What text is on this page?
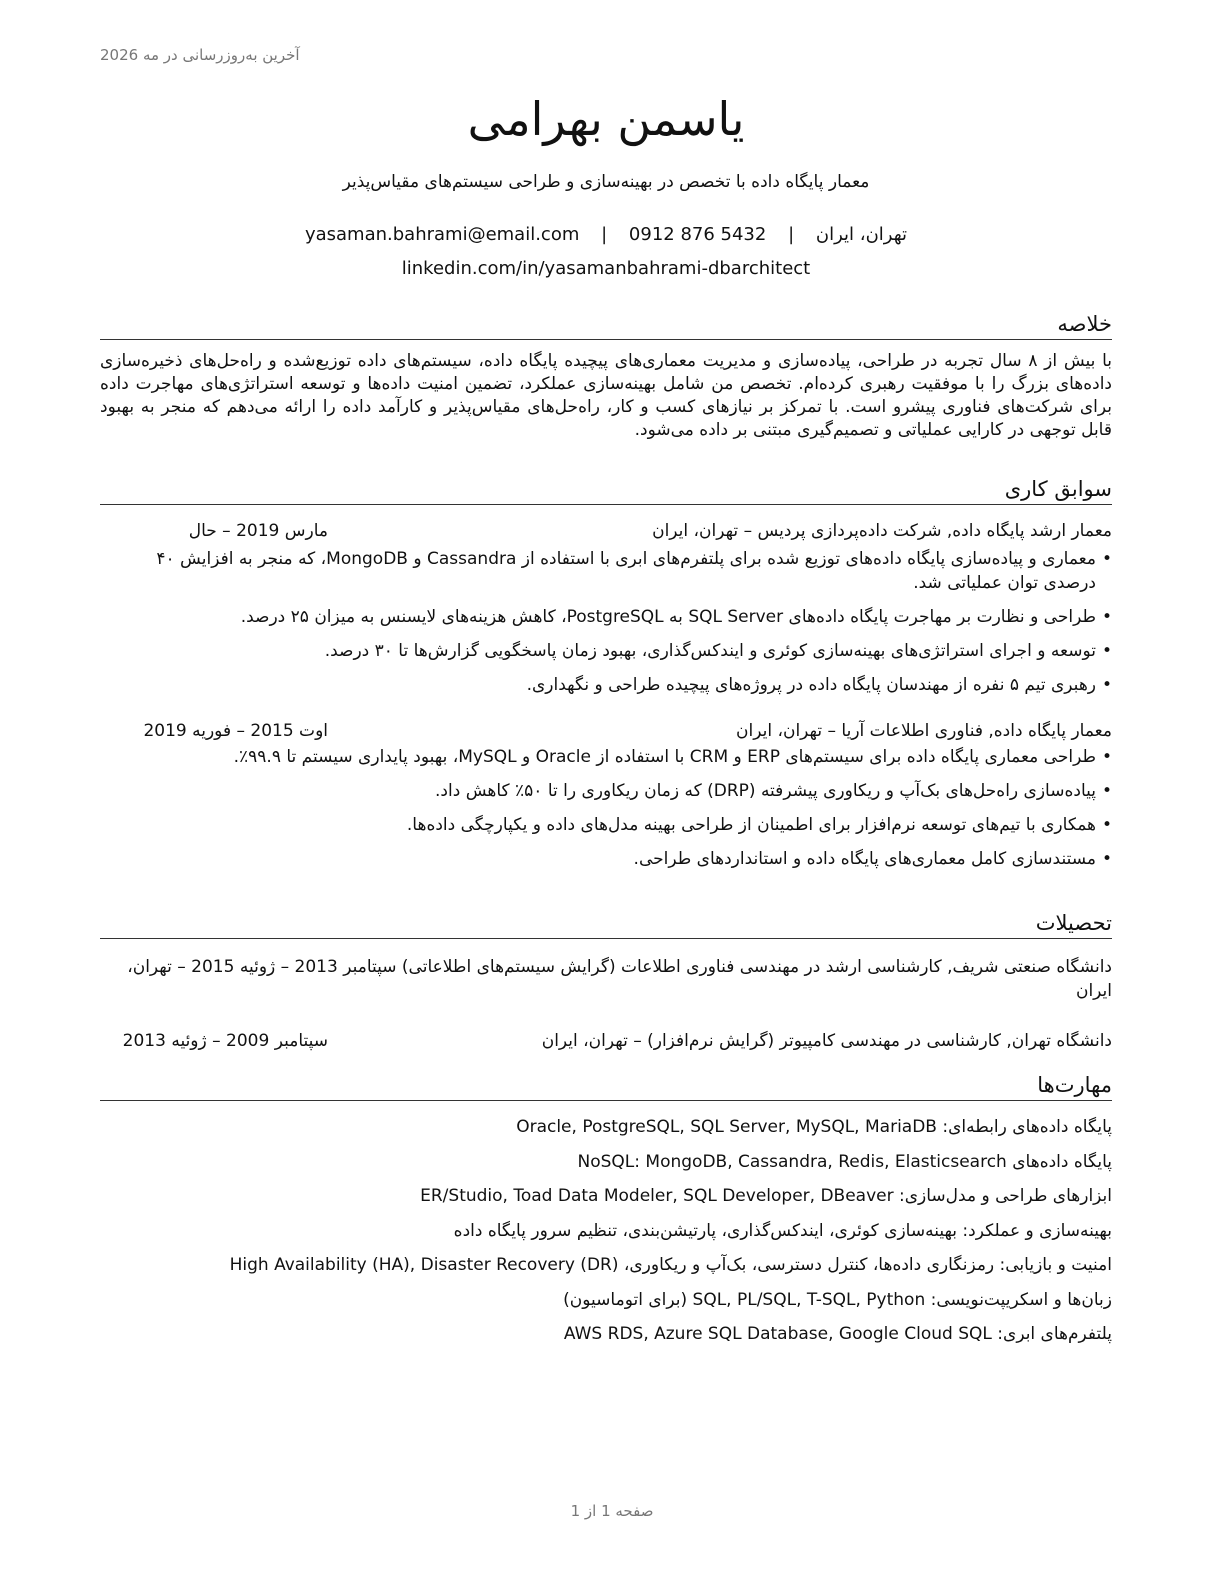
آخرین به‌روزرسانی در مه 2026
یاسمن بهرامی
معمار پایگاه داده با تخصص در بهینه‌سازی و طراحی سیستم‌های مقیاس‌پذیر
تهران، ایران | yasaman.bahrami@email.com | 0912 876 5432
linkedin.com/in/yasamanbahrami-dbarchitect
خلاصه
با بیش از ۸ سال تجربه در طراحی، پیاده‌سازی و مدیریت معماری‌های پیچیده پایگاه داده، سیستم‌های داده توزیع‌شده و راه‌حل‌های ذخیره‌سازی داده‌های بزرگ را با موفقیت رهبری کرده‌ام. تخصص من شامل بهینه‌سازی عملکرد، تضمین امنیت داده‌ها و توسعه استراتژی‌های مهاجرت داده برای شرکت‌های فناوری پیشرو است. با تمرکز بر نیازهای کسب و کار، راه‌حل‌های مقیاس‌پذیر و کارآمد داده را ارائه می‌دهم که منجر به بهبود قابل توجهی در کارایی عملیاتی و تصمیم‌گیری مبتنی بر داده می‌شود.
سوابق کاری
معمار ارشد پایگاه داده, شرکت داده‌پردازی پردیس – تهران، ایران
مارس 2019 – حال
• معماری و پیاده‌سازی پایگاه داده‌های توزیع شده برای پلتفرم‌های ابری با استفاده از Cassandra و MongoDB، که منجر به افزایش ۴۰ درصدی توان عملیاتی شد.
• طراحی و نظارت بر مهاجرت پایگاه داده‌های SQL Server به PostgreSQL، کاهش هزینه‌های لایسنس به میزان ۲۵ درصد.
• توسعه و اجرای استراتژی‌های بهینه‌سازی کوئری و ایندکس‌گذاری، بهبود زمان پاسخگویی گزارش‌ها تا ۳۰ درصد.
• رهبری تیم ۵ نفره از مهندسان پایگاه داده در پروژه‌های پیچیده طراحی و نگهداری.
معمار پایگاه داده, فناوری اطلاعات آریا – تهران، ایران
اوت 2015 – فوریه 2019
• طراحی معماری پایگاه داده برای سیستم‌های ERP و CRM با استفاده از Oracle و MySQL، بهبود پایداری سیستم تا ۹۹.۹٪.
• پیاده‌سازی راه‌حل‌های بک‌آپ و ریکاوری پیشرفته (DRP) که زمان ریکاوری را تا ۵۰٪ کاهش داد.
• همکاری با تیم‌های توسعه نرم‌افزار برای اطمینان از طراحی بهینه مدل‌های داده و یکپارچگی داده‌ها.
• مستندسازی کامل معماری‌های پایگاه داده و استانداردهای طراحی.
تحصیلات
دانشگاه صنعتی شریف, کارشناسی ارشد در مهندسی فناوری اطلاعات (گرایش سیستم‌های اطلاعاتی) سپتامبر 2013 – ژوئیه 2015 – تهران، ایران
دانشگاه تهران, کارشناسی در مهندسی کامپیوتر (گرایش نرم‌افزار) – تهران، ایران
سپتامبر 2009 – ژوئیه 2013
مهارت‌ها
پایگاه داده‌های رابطه‌ای: Oracle, PostgreSQL, SQL Server, MySQL, MariaDB
پایگاه داده‌های NoSQL: MongoDB, Cassandra, Redis, Elasticsearch
ابزارهای طراحی و مدل‌سازی: ER/Studio, Toad Data Modeler, SQL Developer, DBeaver
بهینه‌سازی و عملکرد: بهینه‌سازی کوئری، ایندکس‌گذاری، پارتیشن‌بندی، تنظیم سرور پایگاه داده
امنیت و بازیابی: رمزنگاری داده‌ها، کنترل دسترسی، بک‌آپ و ریکاوری، High Availability (HA), Disaster Recovery (DR)
زبان‌ها و اسکریپت‌نویسی: SQL, PL/SQL, T-SQL, Python (برای اتوماسیون)
پلتفرم‌های ابری: AWS RDS, Azure SQL Database, Google Cloud SQL
صفحه 1 از 1
